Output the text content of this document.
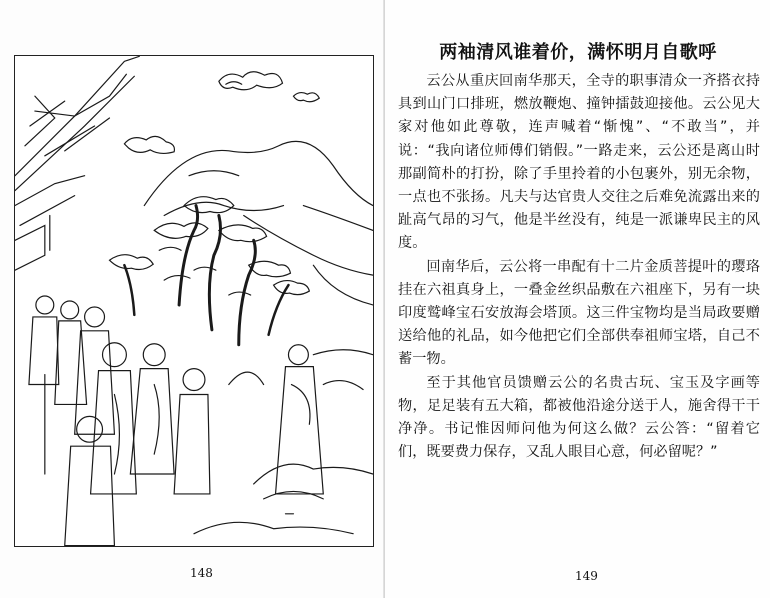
148
两袖清风谁着价，满怀明月自歌呼

云公从重庆回南华那天，全寺的职事清众一齐搭衣持具到山门口排班，燃放鞭炮、撞钟擂鼓迎接他。云公见大家对他如此尊敬，连声喊着“惭愧”、“不敢当”，并说：“我向诸位师傅们销假。”一路走来，云公还是离山时那副简朴的打扮，除了手里拎着的小包裹外，别无余物，一点也不张扬。凡夫与达官贵人交往之后难免流露出来的趾高气昂的习气，他是半丝没有，纯是一派谦卑民主的风度。

回南华后，云公将一串配有十二片金质菩提叶的璎珞挂在六祖真身上，一叠金丝织品敷在六祖座下，另有一块印度鹫峰宝石安放海会塔顶。这三件宝物均是当局政要赠送给他的礼品，如今他把它们全部供奉祖师宝塔，自己不蓄一物。

至于其他官员馈赠云公的名贵古玩、宝玉及字画等物，足足装有五大箱，都被他沿途分送于人，施舍得干干净净。书记惟因师问他为何这么做？云公答：“留着它们，既要费力保存，又乱人眼目心意，何必留呢？”

149
